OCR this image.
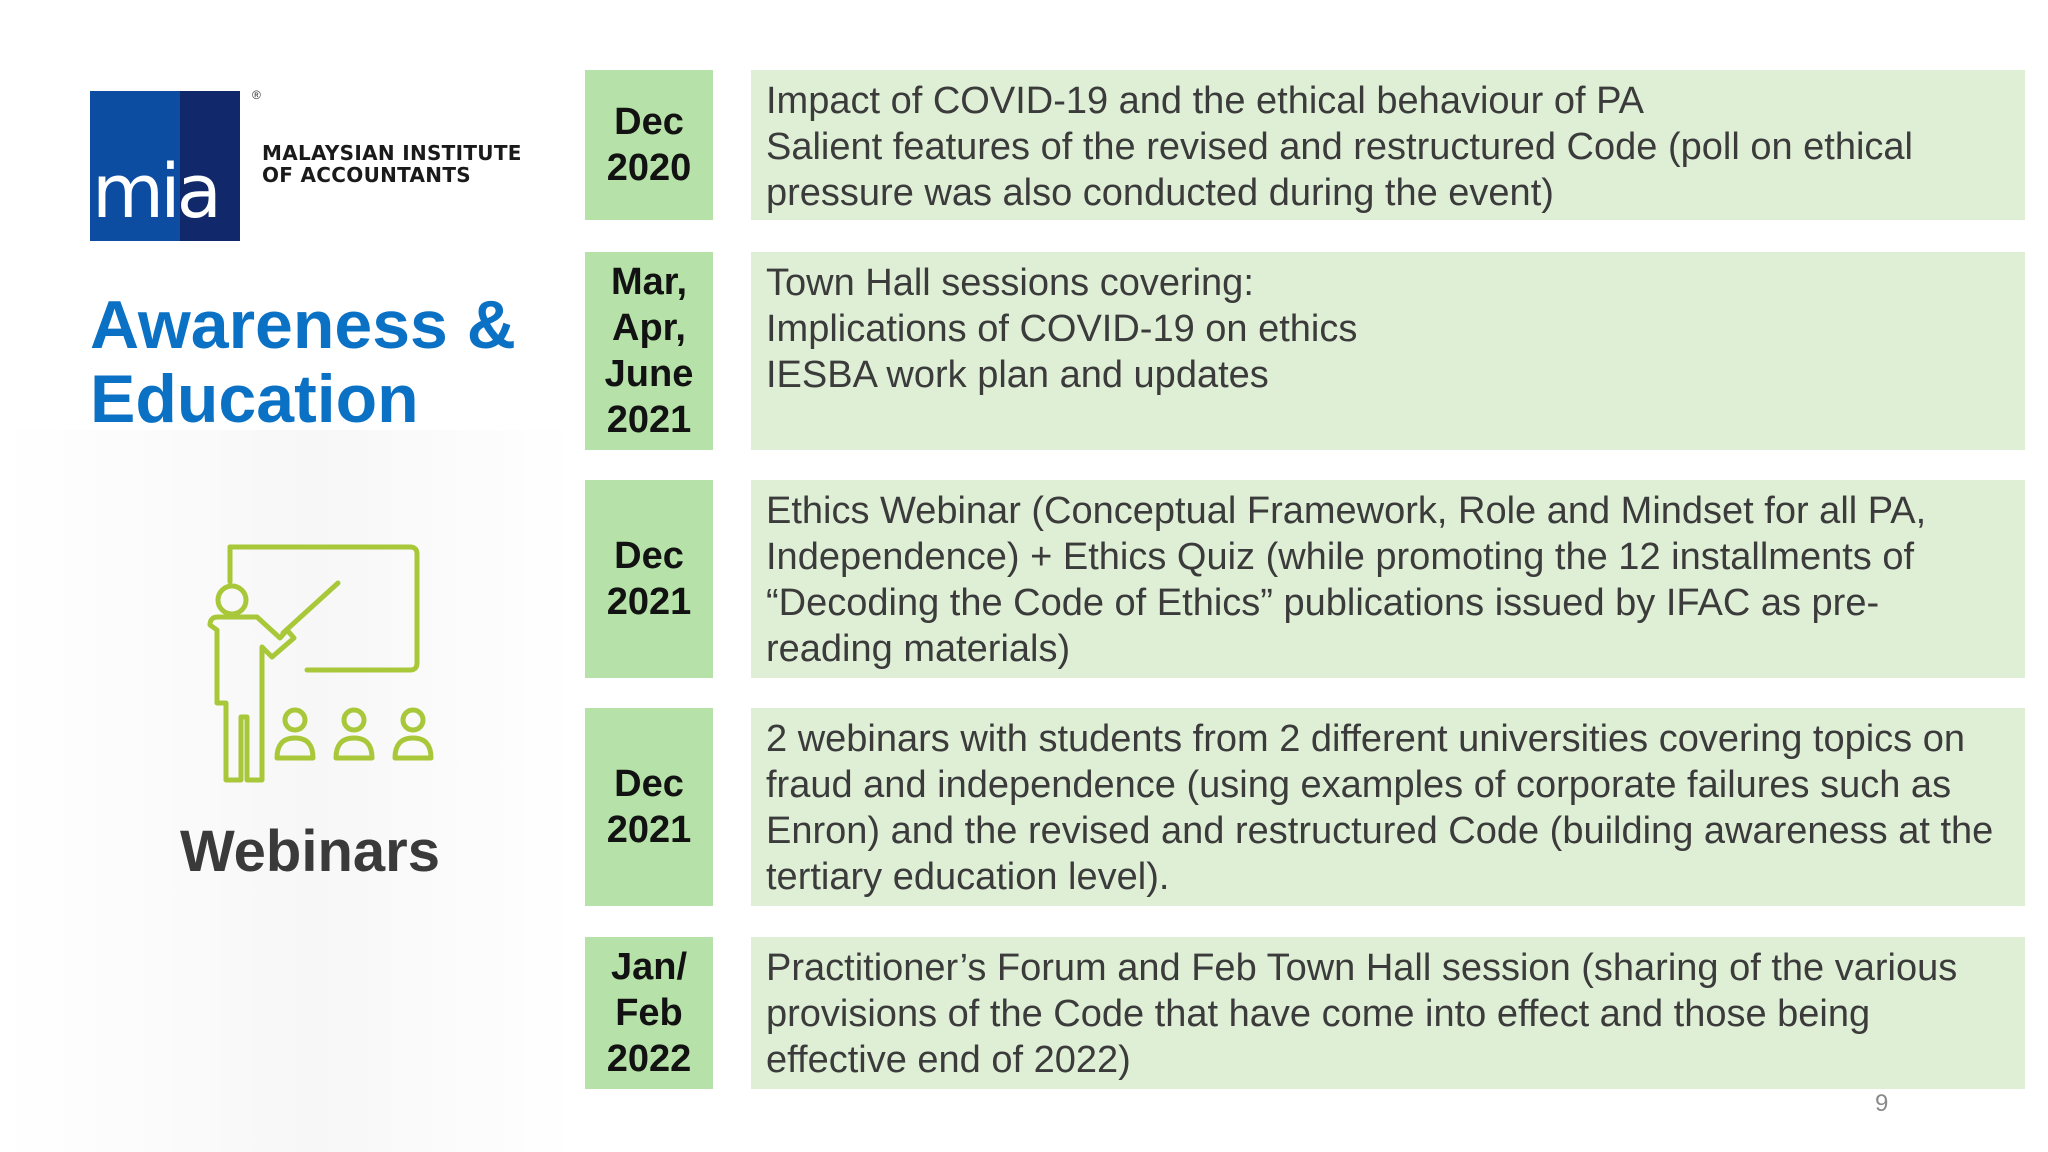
mia
®
MALAYSIAN INSTITUTE
OF ACCOUNTANTS
Awareness &
Education
Webinars
Dec
2020
Impact of COVID-19 and the ethical behaviour of PA
Salient features of the revised and restructured Code (poll on ethical
pressure was also conducted during the event)
Mar,
Apr,
June
2021
Town Hall sessions covering:
Implications of COVID-19 on ethics
IESBA work plan and updates
Dec
2021
Ethics Webinar (Conceptual Framework, Role and Mindset for all PA,
Independence) + Ethics Quiz (while promoting the 12 installments of
“Decoding the Code of Ethics” publications issued by IFAC as pre-
reading materials)
Dec
2021
2 webinars with students from 2 different universities covering topics on
fraud and independence (using examples of corporate failures such as
Enron) and the revised and restructured Code (building awareness at the
tertiary education level).
Jan/
Feb
2022
Practitioner’s Forum and Feb Town Hall session (sharing of the various
provisions of the Code that have come into effect and those being
effective end of 2022)
9
